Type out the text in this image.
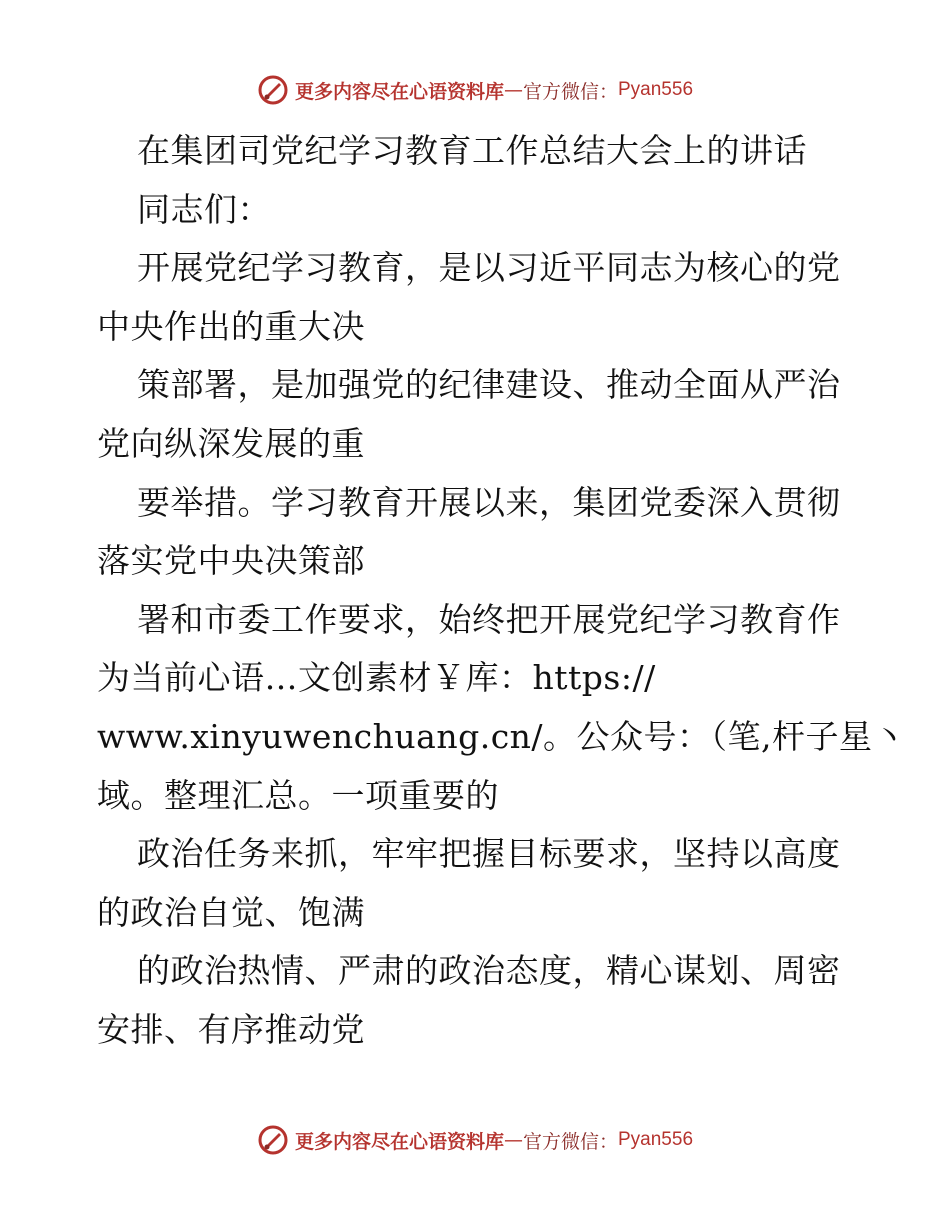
更多内容尽在心语资料库 — 官方微信： Pyan556
在集团司党纪学习教育工作总结大会上的讲话
同志们：
开展党纪学习教育，是以习近平同志为核心的党
中央作出的重大决
策部署，是加强党的纪律建设、推动全面从严治
党向纵深发展的重
要举措。学习教育开展以来，集团党委深入贯彻
落实党中央决策部
署和市委工作要求，始终把开展党纪学习教育作
为当前心语…文创素材￥库：https://
www.xinyuwenchuang.cn/。公众号：（笔,杆子星丶
域。整理汇总。一项重要的
政治任务来抓，牢牢把握目标要求，坚持以高度
的政治自觉、饱满
的政治热情、严肃的政治态度，精心谋划、周密
安排、有序推动党
更多内容尽在心语资料库 — 官方微信： Pyan556
